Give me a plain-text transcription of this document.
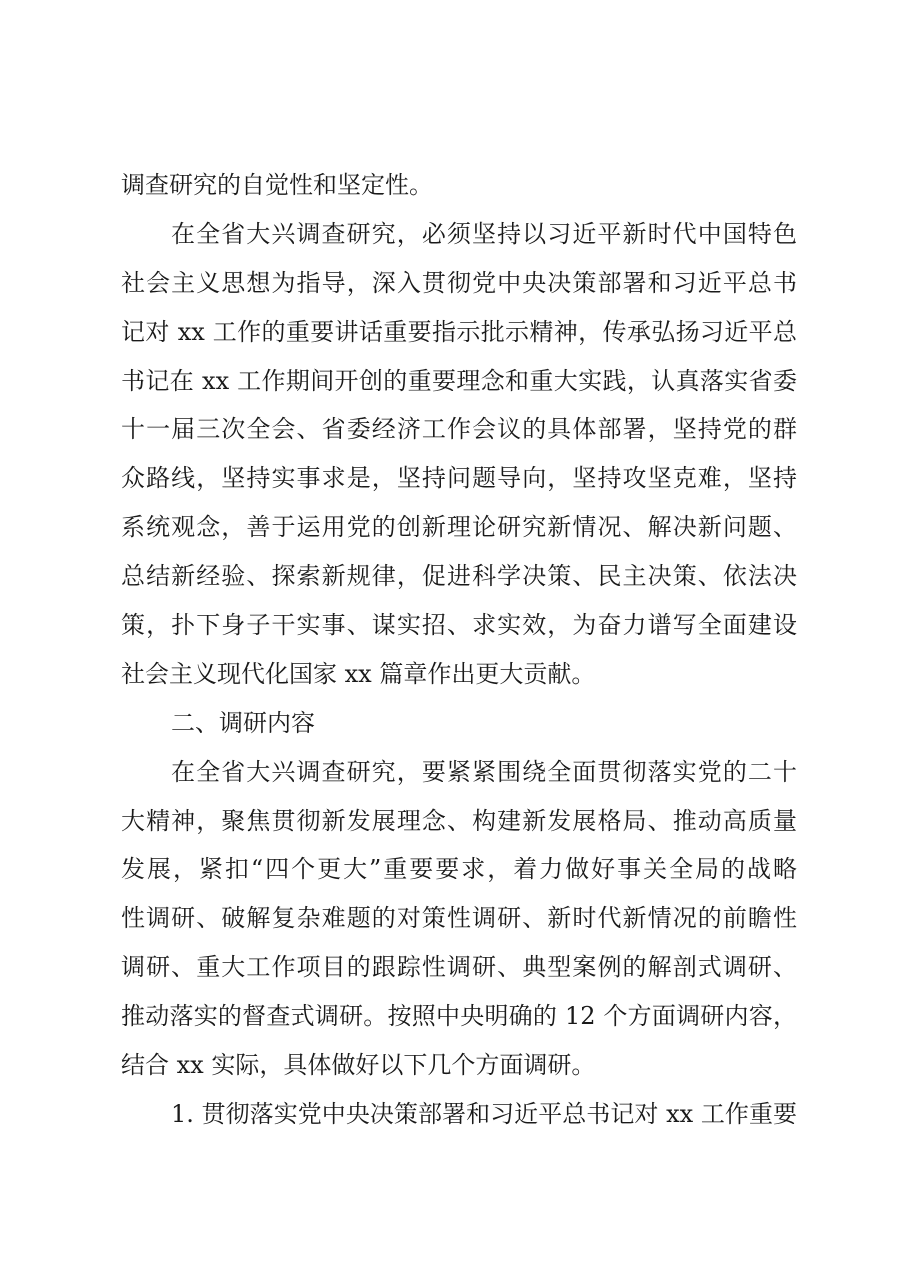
调查研究的自觉性和坚定性。
在全省大兴调查研究，必须坚持以习近平新时代中国特色
社会主义思想为指导，深入贯彻党中央决策部署和习近平总书
记对 xx 工作的重要讲话重要指示批示精神，传承弘扬习近平总
书记在 xx 工作期间开创的重要理念和重大实践，认真落实省委
十一届三次全会、省委经济工作会议的具体部署，坚持党的群
众路线，坚持实事求是，坚持问题导向，坚持攻坚克难，坚持
系统观念，善于运用党的创新理论研究新情况、解决新问题、
总结新经验、探索新规律，促进科学决策、民主决策、依法决
策，扑下身子干实事、谋实招、求实效，为奋力谱写全面建设
社会主义现代化国家 xx 篇章作出更大贡献。
二、调研内容
在全省大兴调查研究，要紧紧围绕全面贯彻落实党的二十
大精神，聚焦贯彻新发展理念、构建新发展格局、推动高质量
发展，紧扣“四个更大”重要要求，着力做好事关全局的战略
性调研、破解复杂难题的对策性调研、新时代新情况的前瞻性
调研、重大工作项目的跟踪性调研、典型案例的解剖式调研、
推动落实的督查式调研。按照中央明确的 12 个方面调研内容，
结合 xx 实际，具体做好以下几个方面调研。
1. 贯彻落实党中央决策部署和习近平总书记对 xx 工作重要
